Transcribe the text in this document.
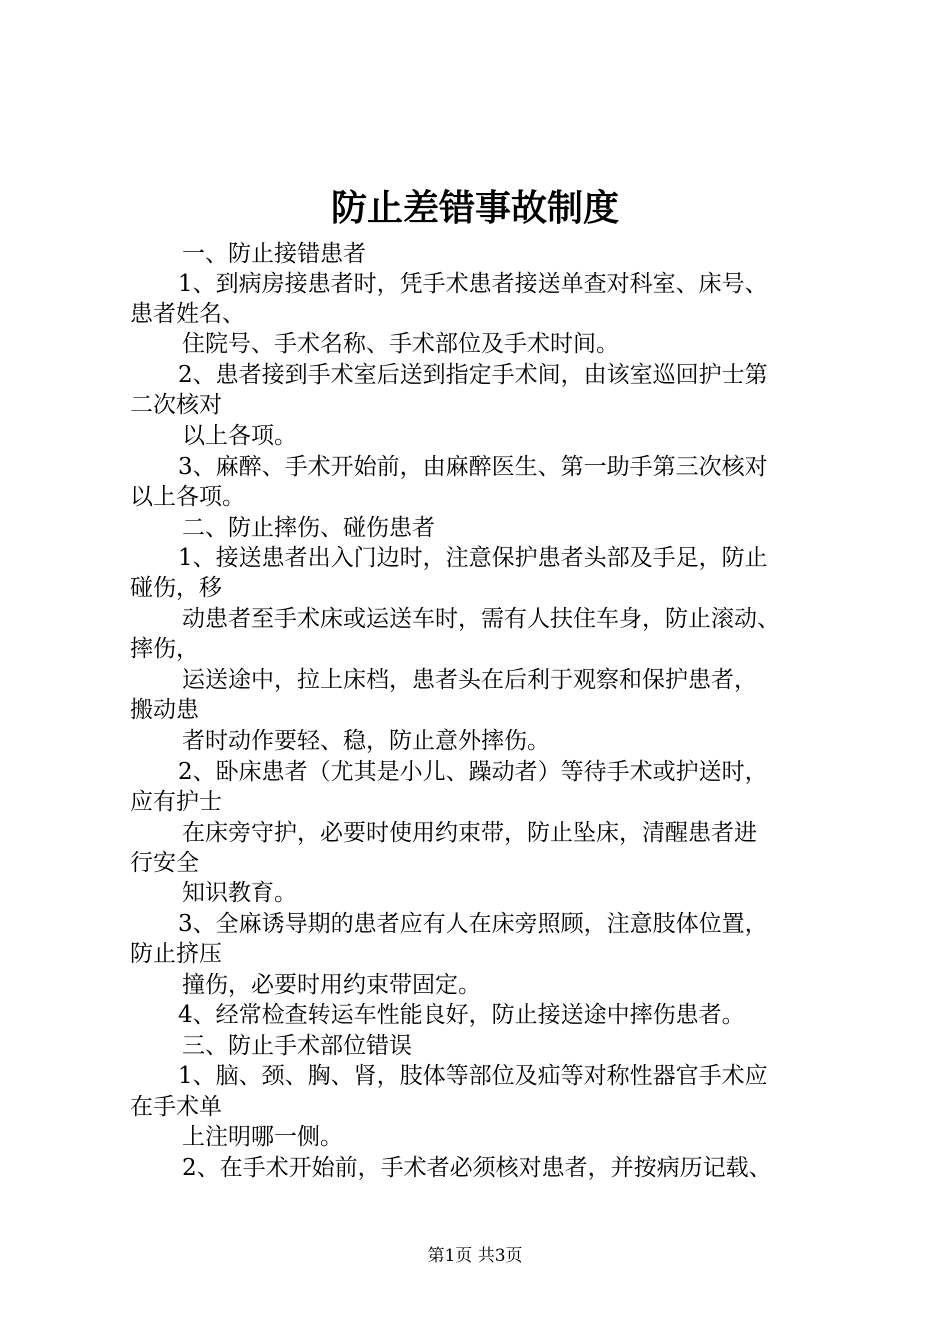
防止差错事故制度
一、防止接错患者
1、到病房接患者时，凭手术患者接送单查对科室、床号、
患者姓名、
住院号、手术名称、手术部位及手术时间。
2、患者接到手术室后送到指定手术间，由该室巡回护士第
二次核对
以上各项。
3、麻醉、手术开始前，由麻醉医生、第一助手第三次核对
以上各项。
二、防止摔伤、碰伤患者
1、接送患者出入门边时，注意保护患者头部及手足，防止
碰伤，移
动患者至手术床或运送车时，需有人扶住车身，防止滚动、
摔伤，
运送途中，拉上床档，患者头在后利于观察和保护患者，
搬动患
者时动作要轻、稳，防止意外摔伤。
2、卧床患者（尤其是小儿、躁动者）等待手术或护送时，
应有护士
在床旁守护，必要时使用约束带，防止坠床，清醒患者进
行安全
知识教育。
3、全麻诱导期的患者应有人在床旁照顾，注意肢体位置，
防止挤压
撞伤，必要时用约束带固定。
4、经常检查转运车性能良好，防止接送途中摔伤患者。
三、防止手术部位错误
1、脑、颈、胸、肾，肢体等部位及疝等对称性器官手术应
在手术单
上注明哪一侧。
2、在手术开始前，手术者必须核对患者，并按病历记载、
第1页 共3页
